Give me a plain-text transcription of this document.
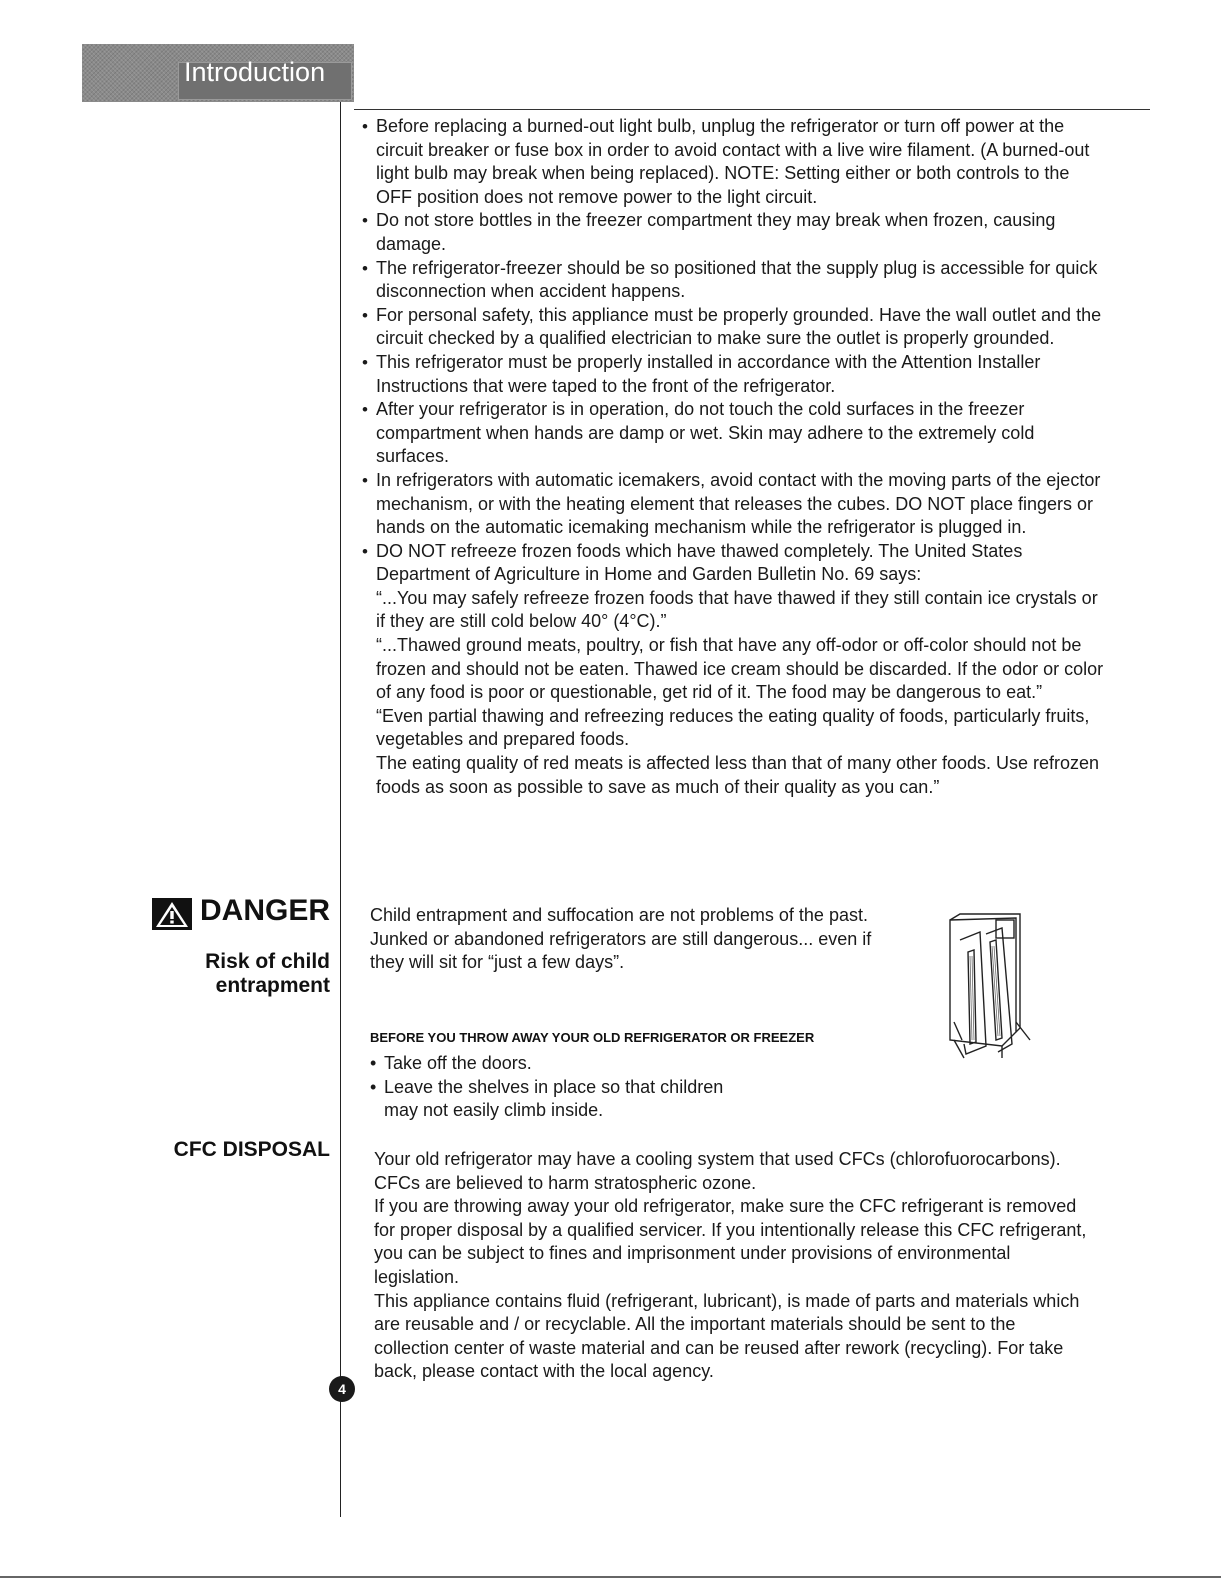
Introduction
• Before replacing a burned-out light bulb, unplug the refrigerator or turn off power at the circuit breaker or fuse box in order to avoid contact with a live wire filament. (A burned-out light bulb may break when being replaced). NOTE: Setting either or both controls to the OFF position does not remove power to the light circuit.
• Do not store bottles in the freezer compartment they may break when frozen, causing damage.
• The refrigerator-freezer should be so positioned that the supply plug is accessible for quick disconnection when accident happens.
• For personal safety, this appliance must be properly grounded. Have the wall outlet and the circuit checked by a qualified electrician to make sure the outlet is properly grounded.
• This refrigerator must be properly installed in accordance with the Attention Installer Instructions that were taped to the front of the refrigerator.
• After your refrigerator is in operation, do not touch the cold surfaces in the freezer compartment when hands are damp or wet. Skin may adhere to the extremely cold surfaces.
• In refrigerators with automatic icemakers, avoid contact with the moving parts of the ejector mechanism, or with the heating element that releases the cubes. DO NOT place fingers or hands on the automatic icemaking mechanism while the refrigerator is plugged in.
• DO NOT refreeze frozen foods which have thawed completely. The United States Department of Agriculture in Home and Garden Bulletin No. 69 says:
“...You may safely refreeze frozen foods that have thawed if they still contain ice crystals or if they are still cold below 40° (4°C).”
“...Thawed ground meats, poultry, or fish that have any off-odor or off-color should not be frozen and should not be eaten. Thawed ice cream should be discarded. If the odor or color of any food is poor or questionable, get rid of it. The food may be dangerous to eat.”
“Even partial thawing and refreezing reduces the eating quality of foods, particularly fruits, vegetables and prepared foods.
The eating quality of red meats is affected less than that of many other foods. Use refrozen foods as soon as possible to save as much of their quality as you can.”
DANGER
Risk of child
entrapment
Child entrapment and suffocation are not problems of the past. Junked or abandoned refrigerators are still dangerous... even if they will sit for “just a few days”.
BEFORE YOU THROW AWAY YOUR OLD REFRIGERATOR OR FREEZER
• Take off the doors.
• Leave the shelves in place so that children may not easily climb inside.
CFC DISPOSAL Your old refrigerator may have a cooling system that used CFCs (chlorofuorocarbons). CFCs are believed to harm stratospheric ozone.
If you are throwing away your old refrigerator, make sure the CFC refrigerant is removed for proper disposal by a qualified servicer. If you intentionally release this CFC refrigerant, you can be subject to fines and imprisonment under provisions of environmental legislation.
This appliance contains fluid (refrigerant, lubricant), is made of parts and materials which are reusable and / or recyclable. All the important materials should be sent to the collection center of waste material and can be reused after rework (recycling). For take back, please contact with the local agency.
4
